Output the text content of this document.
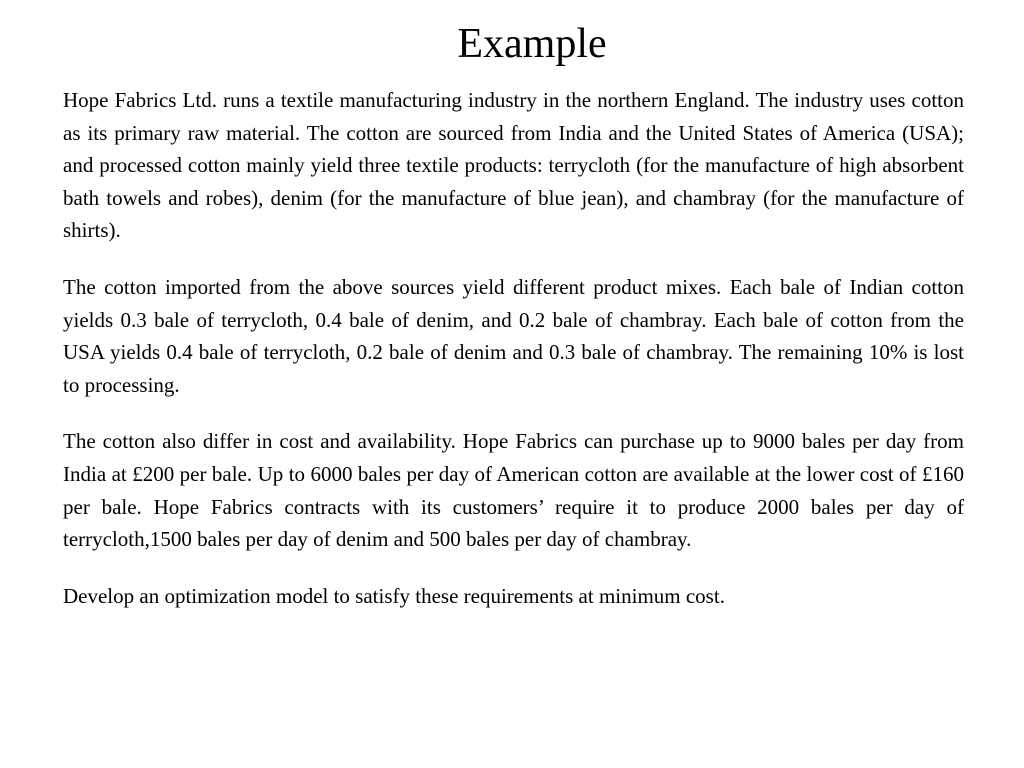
Example

Hope Fabrics Ltd. runs a textile manufacturing industry in the northern England. The industry uses cotton as its primary raw material. The cotton are sourced from India and the United States of America (USA); and processed cotton mainly yield three textile products: terrycloth (for the manufacture of high absorbent bath towels and robes), denim (for the manufacture of blue jean), and chambray (for the manufacture of shirts).

The cotton imported from the above sources yield different product mixes. Each bale of Indian cotton yields 0.3 bale of terrycloth, 0.4 bale of denim, and 0.2 bale of chambray. Each bale of cotton from the USA yields 0.4 bale of terrycloth, 0.2 bale of denim and 0.3 bale of chambray. The remaining 10% is lost to processing.

The cotton also differ in cost and availability. Hope Fabrics can purchase up to 9000 bales per day from India at £200 per bale. Up to 6000 bales per day of American cotton are available at the lower cost of £160 per bale. Hope Fabrics contracts with its customers’ require it to produce 2000 bales per day of terrycloth,1500 bales per day of denim and 500 bales per day of chambray.

Develop an optimization model to satisfy these requirements at minimum cost.
